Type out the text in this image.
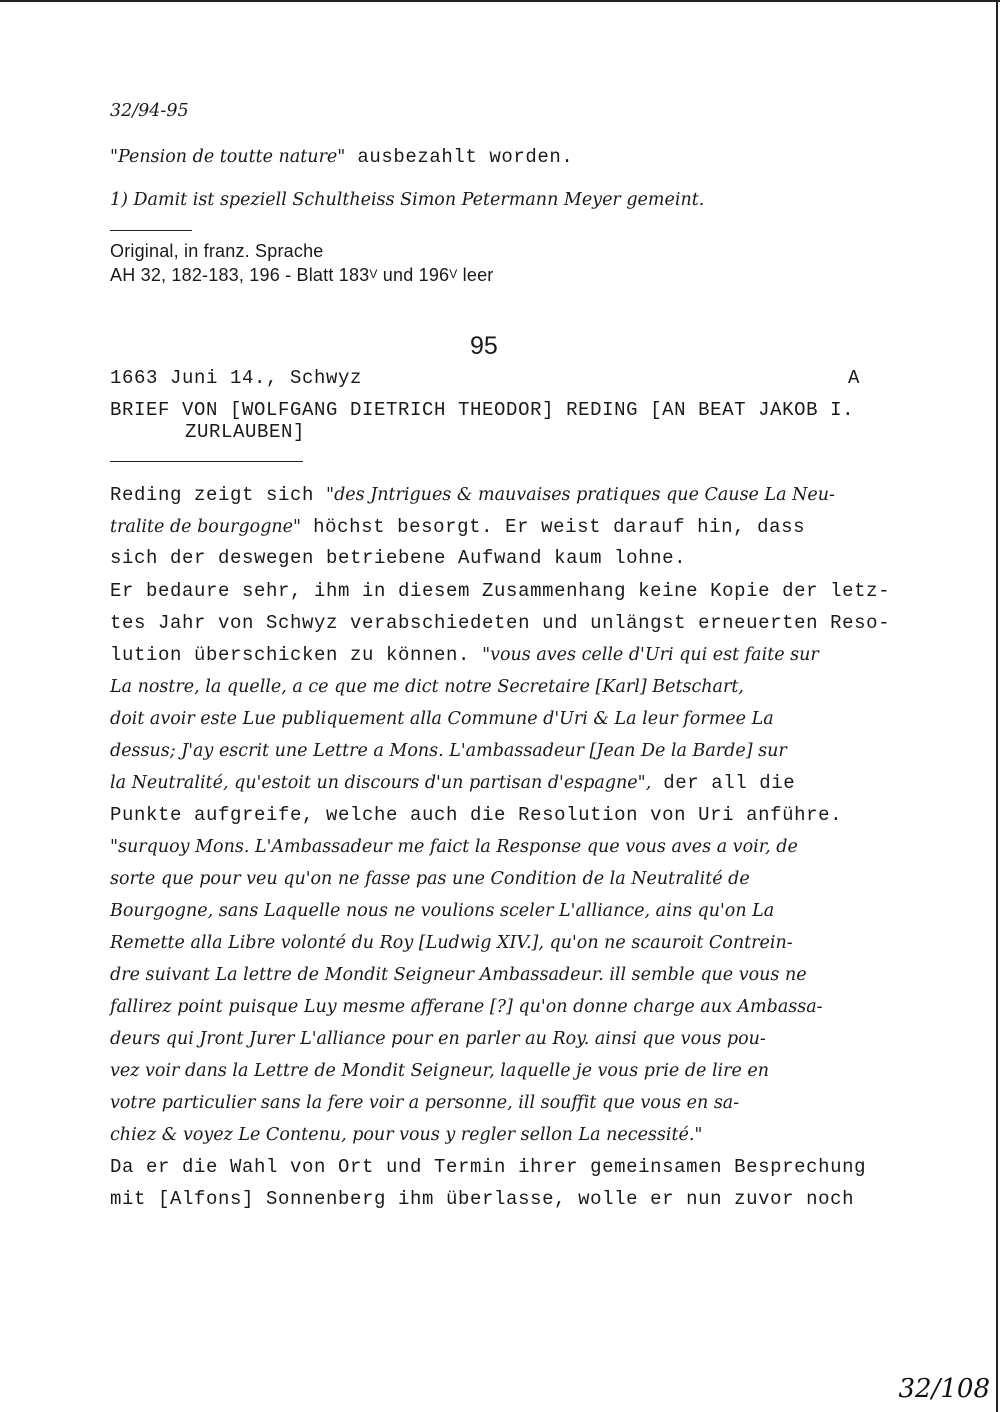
32/94-95
"Pension de toutte nature" ausbezahlt worden.
1) Damit ist speziell Schultheiss Simon Petermann Meyer gemeint.
Original, in franz. Sprache
AH 32, 182-183, 196 - Blatt $183^V$ und $196^V$ leer
95
1663 Juni 14., Schwyz	A
BRIEF VON [WOLFGANG DIETRICH THEODOR] REDING [AN BEAT JAKOB I.
ZURLAUBEN]
Reding zeigt sich "des Jntrigues & mauvaises pratiques que Cause La Neu-
tralite de bourgogne" höchst besorgt. Er weist darauf hin, dass
sich der deswegen betriebene Aufwand kaum lohne.
Er bedaure sehr, ihm in diesem Zusammenhang keine Kopie der letz-
tes Jahr von Schwyz verabschiedeten und unlängst erneuerten Reso-
lution überschicken zu können. "vous aves celle d'Uri qui est faite sur
La nostre, la quelle, a ce que me dict notre Secretaire [Karl] Betschart,
doit avoir este Lue publiquement alla Commune d'Uri & La leur formee La
dessus; J'ay escrit une Lettre a Mons. L'ambassadeur [Jean De la Barde] sur
la Neutralité, qu'estoit un discours d'un partisan d'espagne", der all die
Punkte aufgreife, welche auch die Resolution von Uri anführe.
"surquoy Mons. L'Ambassadeur me faict la Response que vous aves a voir, de
sorte que pour veu qu'on ne fasse pas une Condition de la Neutralité de
Bourgogne, sans Laquelle nous ne voulions sceler L'alliance, ains qu'on La
Remette alla Libre volonté du Roy [Ludwig XIV.], qu'on ne scauroit Contrein-
dre suivant La lettre de Mondit Seigneur Ambassadeur. ill semble que vous ne
fallirez point puisque Luy mesme afferane [?] qu'on donne charge aux Ambassa-
deurs qui Jront Jurer L'alliance pour en parler au Roy. ainsi que vous pou-
vez voir dans la Lettre de Mondit Seigneur, laquelle je vous prie de lire en
votre particulier sans la fere voir a personne, ill souffit que vous en sa-
chiez & voyez Le Contenu, pour vous y regler sellon La necessité."
Da er die Wahl von Ort und Termin ihrer gemeinsamen Besprechung
mit [Alfons] Sonnenberg ihm überlasse, wolle er nun zuvor noch
32/108
